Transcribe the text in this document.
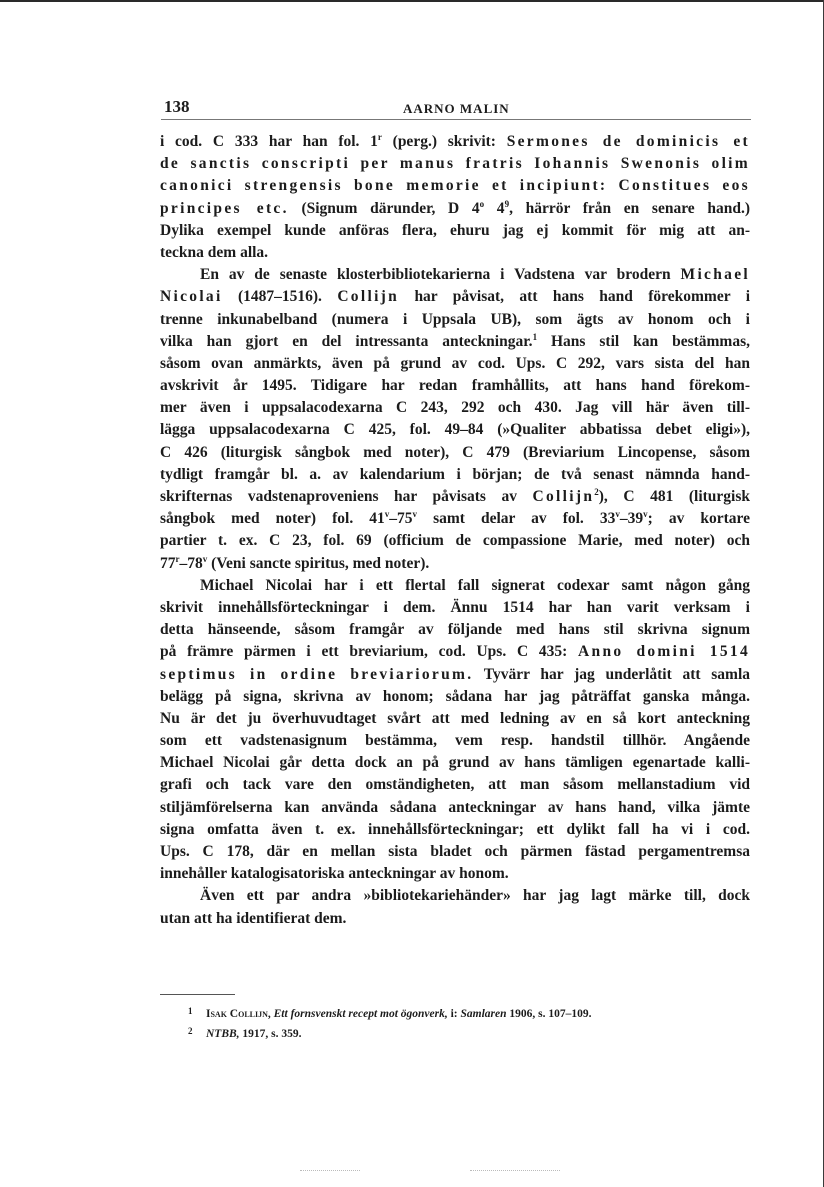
138	AARNO MALIN
i cod. C 333 har han fol. 1$^r$ (perg.) skrivit: Sermones de dominicis et
de sanctis conscripti per manus fratris Iohannis Swenonis olim
canonici strengensis bone memorie et incipiunt: Constitues eos
principes etc. (Signum därunder, D 4$^o$ $4^9$, härrör från en senare hand.)
Dylika exempel kunde anföras flera, ehuru jag ej kommit för mig att an-
teckna dem alla.
En av de senaste klosterbibliotekarierna i Vadstena var brodern Michael
Nicolai (1487–1516). Collijn har påvisat, att hans hand förekommer i
trenne inkunabelband (numera i Uppsala UB), som ägts av honom och i
vilka han gjort en del intressanta anteckningar.$^1$ Hans stil kan bestämmas,
såsom ovan anmärkts, även på grund av cod. Ups. C 292, vars sista del han
avskrivit år 1495. Tidigare har redan framhållits, att hans hand förekom-
mer även i uppsalacodexarna C 243, 292 och 430. Jag vill här även till-
lägga uppsalacodexarna C 425, fol. 49–84 (»Qualiter abbatissa debet eligi»),
C 426 (liturgisk sångbok med noter), C 479 (Breviarium Lincopense, såsom
tydligt framgår bl. a. av kalendarium i början; de två senast nämnda hand-
skrifternas vadstenaproveniens har påvisats av Collijn$^2$), C 481 (liturgisk
sångbok med noter) fol. 41$^v$–75$^v$ samt delar av fol. 33$^v$–39$^v$; av kortare
partier t. ex. C 23, fol. 69 (officium de compassione Marie, med noter) och
77$^r$–78$^v$ (Veni sancte spiritus, med noter).
Michael Nicolai har i ett flertal fall signerat codexar samt någon gång
skrivit innehållsförteckningar i dem. Ännu 1514 har han varit verksam i
detta hänseende, såsom framgår av följande med hans stil skrivna signum
på främre pärmen i ett breviarium, cod. Ups. C 435: Anno domini 1514
septimus in ordine breviariorum. Tyvärr har jag underlåtit att samla
belägg på signa, skrivna av honom; sådana har jag påträffat ganska många.
Nu är det ju överhuvudtaget svårt att med ledning av en så kort anteckning
som ett vadstenasignum bestämma, vem resp. handstil tillhör. Angående
Michael Nicolai går detta dock an på grund av hans tämligen egenartade kalli-
grafi och tack vare den omständigheten, att man såsom mellanstadium vid
stiljämförelserna kan använda sådana anteckningar av hans hand, vilka jämte
signa omfatta även t. ex. innehållsförteckningar; ett dylikt fall ha vi i cod.
Ups. C 178, där en mellan sista bladet och pärmen fästad pergamentremsa
innehåller katalogisatoriska anteckningar av honom.
Även ett par andra »bibliotekariehänder» har jag lagt märke till, dock
utan att ha identifierat dem.
1 Isak Collijn, Ett fornsvenskt recept mot ögonverk, i: Samlaren 1906, s. 107–109.
2 NTBB, 1917, s. 359.
